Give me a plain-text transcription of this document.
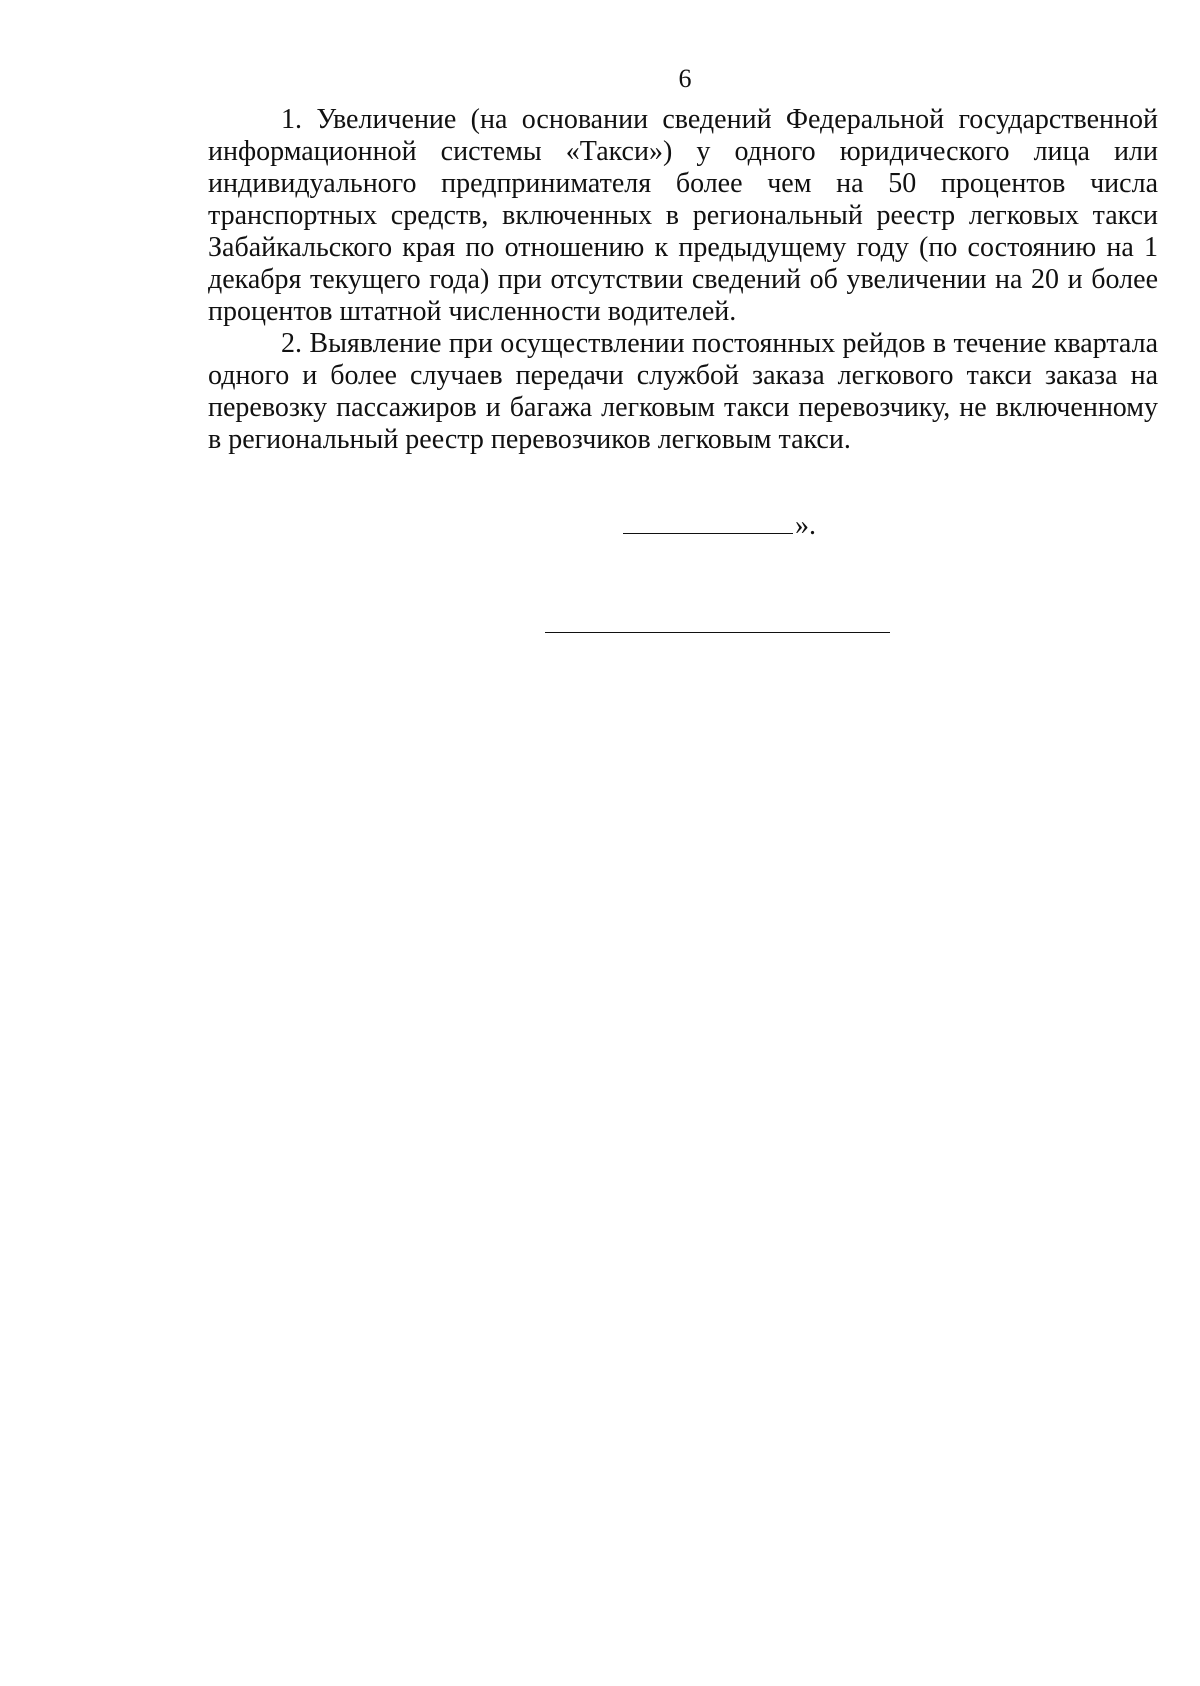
6

1. Увеличение (на основании сведений Федеральной государственной информационной системы «Такси») у одного юридического лица или индивидуального предпринимателя более чем на 50 процентов числа транспортных средств, включенных в региональный реестр легковых такси Забайкальского края по отношению к предыдущему году (по состоянию на 1 декабря текущего года) при отсутствии сведений об увеличении на 20 и более процентов штатной численности водителей.

2. Выявление при осуществлении постоянных рейдов в течение квартала одного и более случаев передачи службой заказа легкового такси заказа на перевозку пассажиров и багажа легковым такси перевозчику, не включенному в региональный реестр перевозчиков легковым такси.

».
